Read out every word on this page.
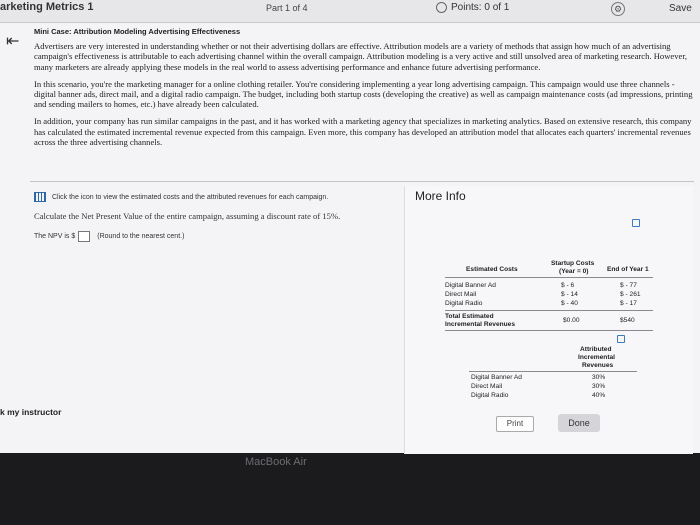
arketing Metrics 1	Part 1 of 4	Points: 0 of 1	⚙	Save
⇤
Mini Case: Attribution Modeling Advertising Effectiveness

Advertisers are very interested in understanding whether or not their advertising dollars are effective. Attribution models are a variety of methods that assign how much of an advertising campaign's effectiveness is attributable to each advertising channel within the overall campaign. Attribution modeling is a very active and still unsolved area of marketing research. However, many marketers are already applying these models in the real world to assess advertising performance and enhance future advertising performance.

In this scenario, you're the marketing manager for a online clothing retailer. You're considering implementing a year long advertising campaign. This campaign would use three channels - digital banner ads, direct mail, and a digital radio campaign. The budget, including both startup costs (developing the creative) as well as campaign maintenance costs (ad impressions, printing and sending mailers to homes, etc.) have already been calculated.

In addition, your company has run similar campaigns in the past, and it has worked with a marketing agency that specializes in marketing analytics. Based on extensive research, this company has calculated the estimated incremental revenue expected from this campaign. Even more, this company has developed an attribution model that allocates each quarters' incremental revenues across the three advertising channels.

Click the icon to view the estimated costs and the attributed revenues for each campaign.
Calculate the Net Present Value of the entire campaign, assuming a discount rate of 15%.
The NPV is $	(Round to the nearest cent.)
More Info
Estimated Costs
Startup Costs
(Year = 0)	End of Year 1
Digital Banner Ad	$ - 6	$ - 77
Direct Mail	$ - 14	$ - 261
Digital Radio	$ - 40	$ - 17
Total Estimated
Incremental Revenues
$0.00	$540
Attributed
Incremental
Revenues
Digital Banner Ad	30%
Direct Mail	30%
Digital Radio	40%
k my instructor
Print	Done
MacBook Air
